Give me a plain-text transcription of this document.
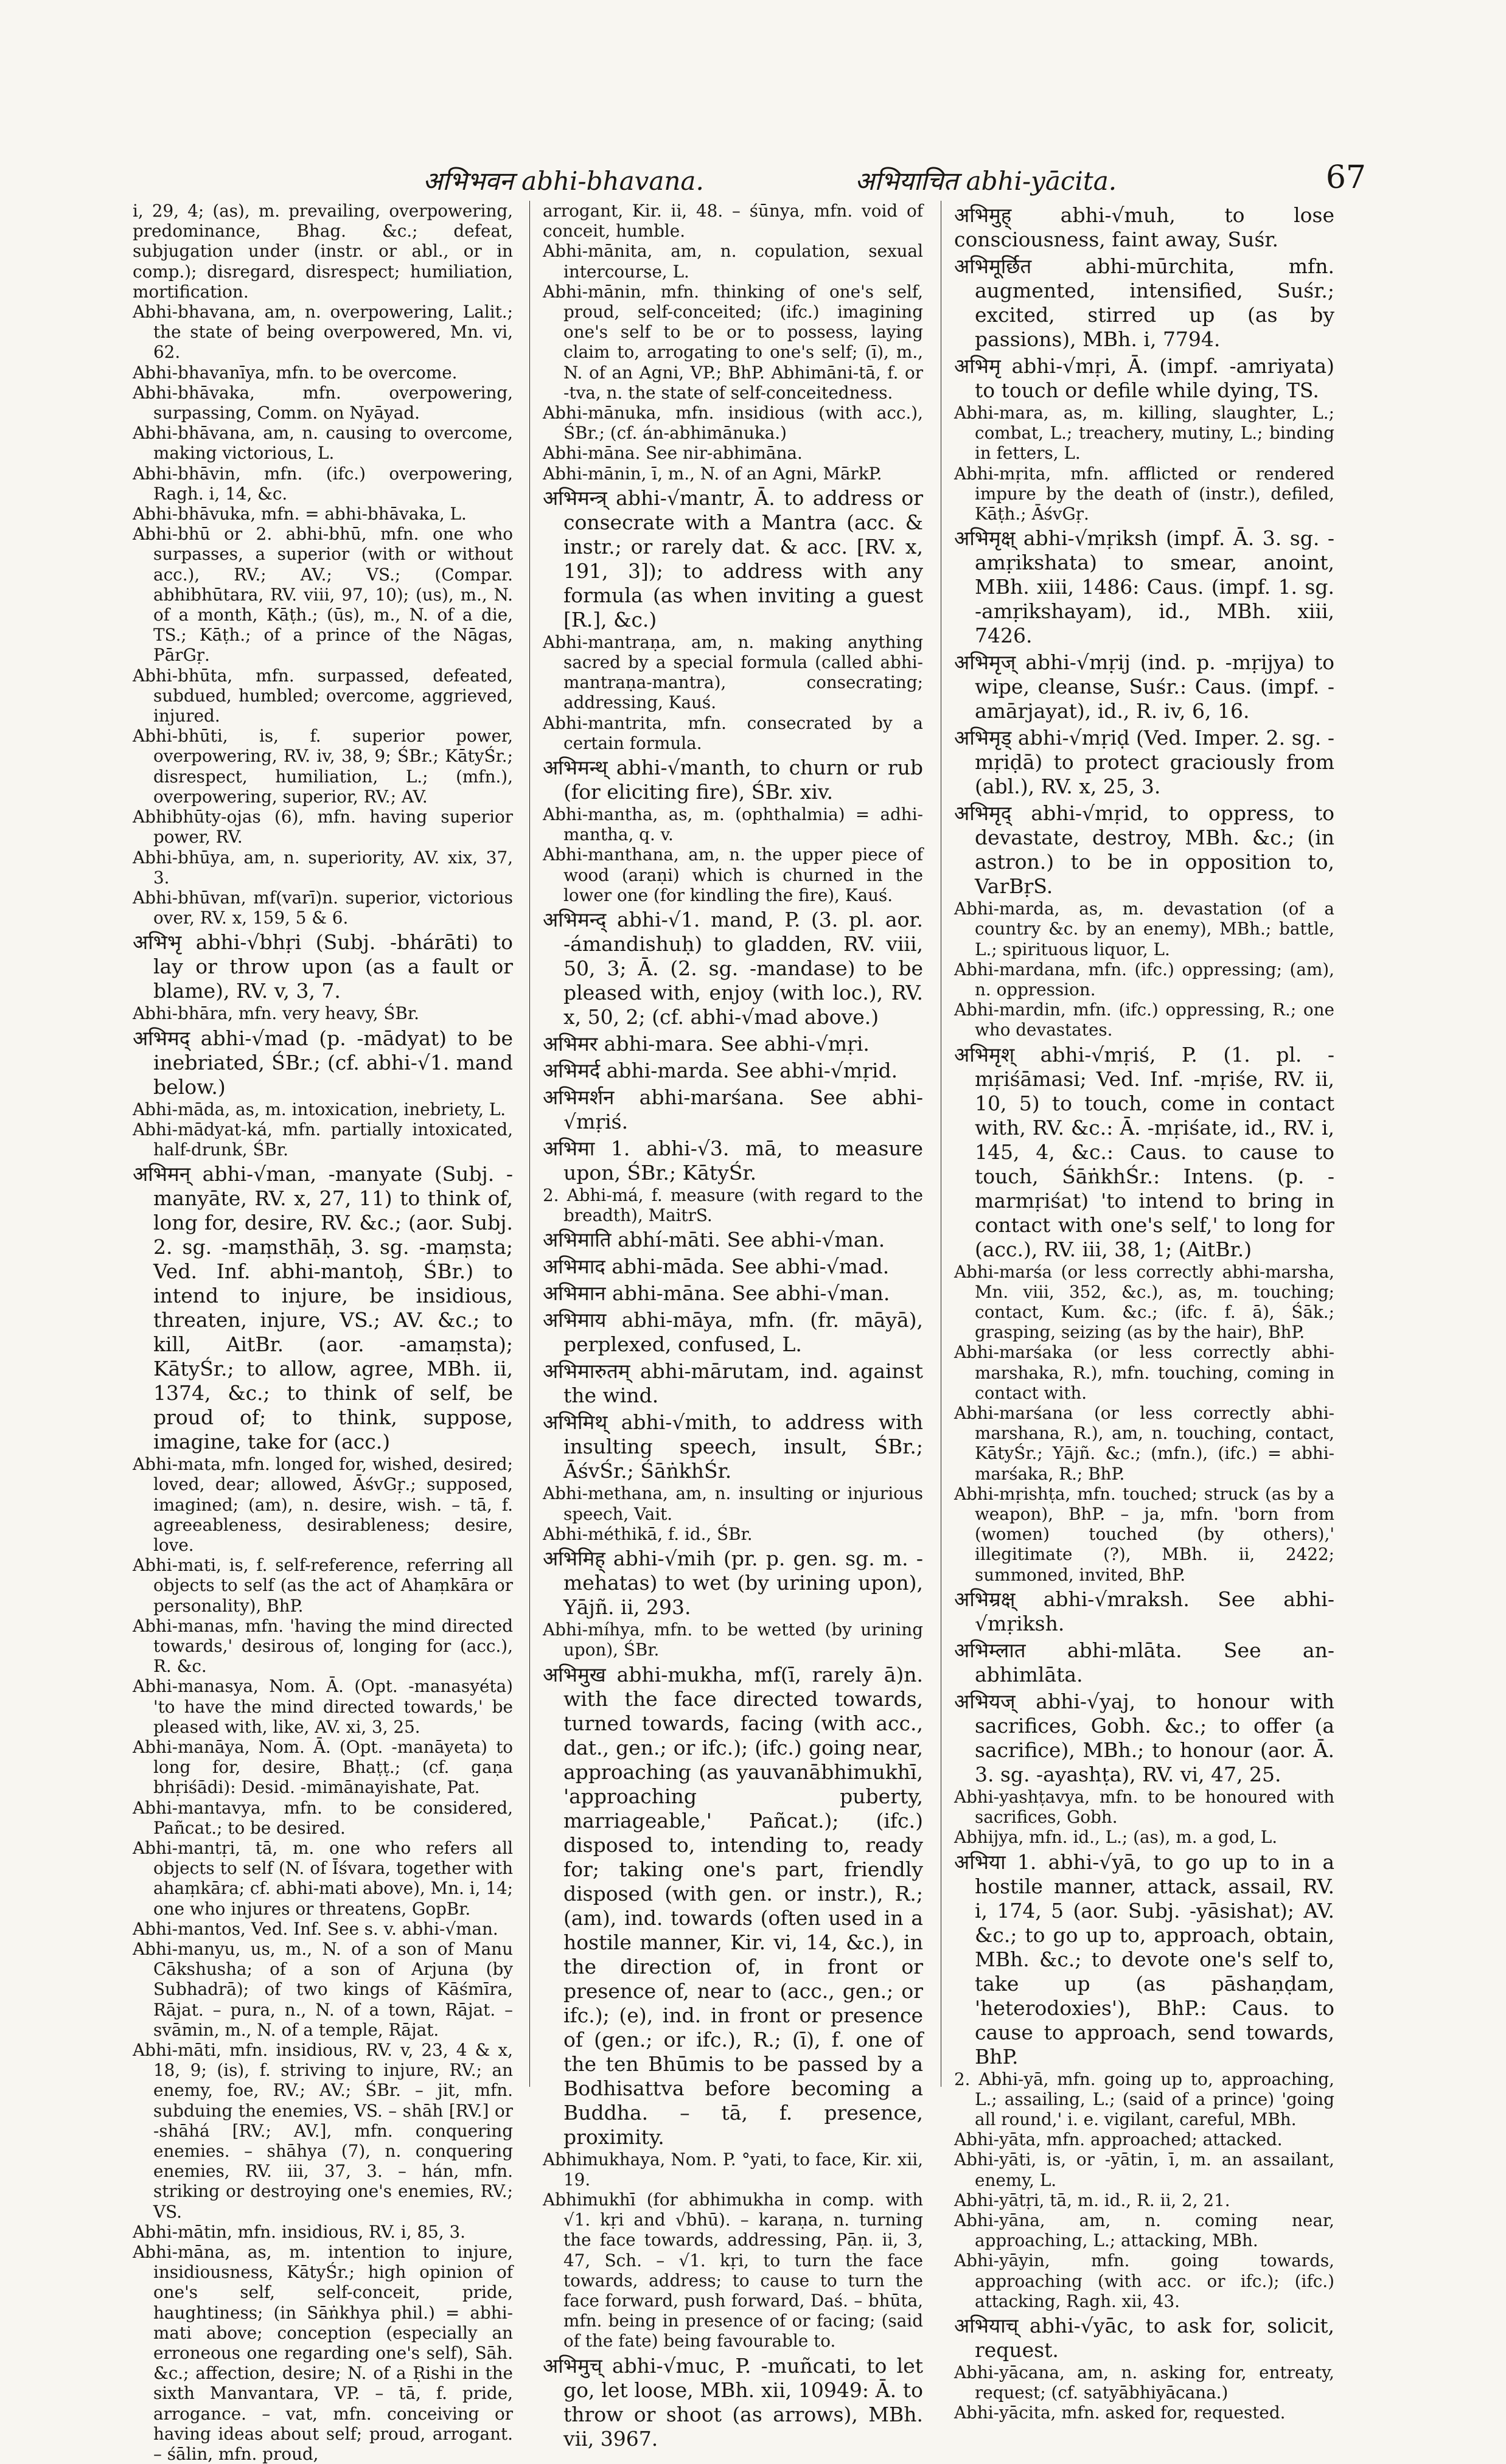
अभिभवन abhi-bhavana.	अभियाचित abhi-yācita.	67

i, 29, 4; (as), m. prevailing, overpowering, predominance, Bhag. &c.; defeat, subjugation under (instr. or abl., or in comp.); disregard, disrespect; humiliation, mortification.

Abhi-bhavana, am, n. overpowering, Lalit.; the state of being overpowered, Mn. vi, 62.

Abhi-bhavanīya, mfn. to be overcome.

Abhi-bhāvaka, mfn. overpowering, surpassing, Comm. on Nyāyad.

Abhi-bhāvana, am, n. causing to overcome, making victorious, L.

Abhi-bhāvin, mfn. (ifc.) overpowering, Ragh. i, 14, &c.

Abhi-bhāvuka, mfn. = abhi-bhāvaka, L.

Abhi-bhū or 2. abhi-bhū, mfn. one who surpasses, a superior (with or without acc.), RV.; AV.; VS.; (Compar. abhibhūtara, RV. viii, 97, 10); (us), m., N. of a month, Kāṭh.; (ūs), m., N. of a die, TS.; Kāṭh.; of a prince of the Nāgas, PārGṛ.

Abhi-bhūta, mfn. surpassed, defeated, subdued, humbled; overcome, aggrieved, injured.

Abhi-bhūti, is, f. superior power, overpowering, RV. iv, 38, 9; ŚBr.; KātyŚr.; disrespect, humiliation, L.; (mfn.), overpowering, superior, RV.; AV.

Abhibhūty-ojas (6), mfn. having superior power, RV.

Abhi-bhūya, am, n. superiority, AV. xix, 37, 3.

Abhi-bhūvan, mf(varī)n. superior, victorious over, RV. x, 159, 5 & 6.

अभिभृ abhi-√bhṛi (Subj. -bhárāti) to lay or throw upon (as a fault or blame), RV. v, 3, 7.

Abhi-bhāra, mfn. very heavy, ŚBr.

अभिमद् abhi-√mad (p. -mādyat) to be inebriated, ŚBr.; (cf. abhi-√1. mand below.)

Abhi-māda, as, m. intoxication, inebriety, L.

Abhi-mādyat-ká, mfn. partially intoxicated, half-drunk, ŚBr.

अभिमन् abhi-√man, -manyate (Subj. -manyāte, RV. x, 27, 11) to think of, long for, desire, RV. &c.; (aor. Subj. 2. sg. -maṃsthāḥ, 3. sg. -maṃsta; Ved. Inf. abhi-mantoḥ, ŚBr.) to intend to injure, be insidious, threaten, injure, VS.; AV. &c.; to kill, AitBr. (aor. -amaṃsta); KātyŚr.; to allow, agree, MBh. ii, 1374, &c.; to think of self, be proud of; to think, suppose, imagine, take for (acc.)

Abhi-mata, mfn. longed for, wished, desired; loved, dear; allowed, ĀśvGṛ.; supposed, imagined; (am), n. desire, wish. – tā, f. agreeableness, desirableness; desire, love.

Abhi-mati, is, f. self-reference, referring all objects to self (as the act of Ahaṃkāra or personality), BhP.

Abhi-manas, mfn. 'having the mind directed towards,' desirous of, longing for (acc.), R. &c.

Abhi-manasya, Nom. Ā. (Opt. -manasyéta) 'to have the mind directed towards,' be pleased with, like, AV. xi, 3, 25.

Abhi-manāya, Nom. Ā. (Opt. -manāyeta) to long for, desire, Bhaṭṭ.; (cf. gaṇa bhṛiśādi): Desid. -mimānayishate, Pat.

Abhi-mantavya, mfn. to be considered, Pañcat.; to be desired.

Abhi-mantṛi, tā, m. one who refers all objects to self (N. of Īśvara, together with ahaṃkāra; cf. abhi-mati above), Mn. i, 14; one who injures or threatens, GopBr.

Abhi-mantos, Ved. Inf. See s. v. abhi-√man.

Abhi-manyu, us, m., N. of a son of Manu Cākshusha; of a son of Arjuna (by Subhadrā); of two kings of Kāśmīra, Rājat. – pura, n., N. of a town, Rājat. – svāmin, m., N. of a temple, Rājat.

Abhi-māti, mfn. insidious, RV. v, 23, 4 & x, 18, 9; (is), f. striving to injure, RV.; an enemy, foe, RV.; AV.; ŚBr. – jit, mfn. subduing the enemies, VS. – shāh [RV.] or -shāhá [RV.; AV.], mfn. conquering enemies. – shāhya (7), n. conquering enemies, RV. iii, 37, 3. – hán, mfn. striking or destroying one's enemies, RV.; VS.

Abhi-mātin, mfn. insidious, RV. i, 85, 3.

Abhi-māna, as, m. intention to injure, insidiousness, KātyŚr.; high opinion of one's self, self-conceit, pride, haughtiness; (in Sāṅkhya phil.) = abhi-mati above; conception (especially an erroneous one regarding one's self), Sāh. &c.; affection, desire; N. of a Ṛishi in the sixth Manvantara, VP. – tā, f. pride, arrogance. – vat, mfn. conceiving or having ideas about self; proud, arrogant. – śālin, mfn. proud,

arrogant, Kir. ii, 48. – śūnya, mfn. void of conceit, humble.

Abhi-mānita, am, n. copulation, sexual intercourse, L.

Abhi-mānin, mfn. thinking of one's self, proud, self-conceited; (ifc.) imagining one's self to be or to possess, laying claim to, arrogating to one's self; (ī), m., N. of an Agni, VP.; BhP. Abhimāni-tā, f. or -tva, n. the state of self-conceitedness.

Abhi-mānuka, mfn. insidious (with acc.), ŚBr.; (cf. án-abhimānuka.)

Abhi-māna. See nir-abhimāna.

Abhi-mānin, ī, m., N. of an Agni, MārkP.

अभिमन्त्र् abhi-√mantr, Ā. to address or consecrate with a Mantra (acc. & instr.; or rarely dat. & acc. [RV. x, 191, 3]); to address with any formula (as when inviting a guest [R.], &c.)

Abhi-mantraṇa, am, n. making anything sacred by a special formula (called abhi-mantraṇa-mantra), consecrating; addressing, Kauś.

Abhi-mantrita, mfn. consecrated by a certain formula.

अभिमन्थ् abhi-√manth, to churn or rub (for eliciting fire), ŚBr. xiv.

Abhi-mantha, as, m. (ophthalmia) = adhi-mantha, q. v.

Abhi-manthana, am, n. the upper piece of wood (araṇi) which is churned in the lower one (for kindling the fire), Kauś.

अभिमन्द् abhi-√1. mand, P. (3. pl. aor. -ámandishuḥ) to gladden, RV. viii, 50, 3; Ā. (2. sg. -mandase) to be pleased with, enjoy (with loc.), RV. x, 50, 2; (cf. abhi-√mad above.)

अभिमर abhi-mara. See abhi-√mṛi.

अभिमर्द abhi-marda. See abhi-√mṛid.

अभिमर्शन abhi-marśana. See abhi-√mṛiś.

अभिमा 1. abhi-√3. mā, to measure upon, ŚBr.; KātyŚr.

2. Abhi-má, f. measure (with regard to the breadth), MaitrS.

अभिमाति abhí-māti. See abhi-√man.

अभिमाद abhi-māda. See abhi-√mad.

अभिमान abhi-māna. See abhi-√man.

अभिमाय abhi-māya, mfn. (fr. māyā), perplexed, confused, L.

अभिमारुतम् abhi-mārutam, ind. against the wind.

अभिमिथ् abhi-√mith, to address with insulting speech, insult, ŚBr.; ĀśvŚr.; ŚāṅkhŚr.

Abhi-methana, am, n. insulting or injurious speech, Vait.

Abhi-méthikā, f. id., ŚBr.

अभिमिह् abhi-√mih (pr. p. gen. sg. m. -mehatas) to wet (by urining upon), Yājñ. ii, 293.

Abhi-míhya, mfn. to be wetted (by urining upon), ŚBr.

अभिमुख abhi-mukha, mf(ī, rarely ā)n. with the face directed towards, turned towards, facing (with acc., dat., gen.; or ifc.); (ifc.) going near, approaching (as yauvanābhimukhī, 'approaching puberty, marriageable,' Pañcat.); (ifc.) disposed to, intending to, ready for; taking one's part, friendly disposed (with gen. or instr.), R.; (am), ind. towards (often used in a hostile manner, Kir. vi, 14, &c.), in the direction of, in front or presence of, near to (acc., gen.; or ifc.); (e), ind. in front or presence of (gen.; or ifc.), R.; (ī), f. one of the ten Bhūmis to be passed by a Bodhisattva before becoming a Buddha. – tā, f. presence, proximity.

Abhimukhaya, Nom. P. °yati, to face, Kir. xii, 19.

Abhimukhī (for abhimukha in comp. with √1. kṛi and √bhū). – karaṇa, n. turning the face towards, addressing, Pāṇ. ii, 3, 47, Sch. – √1. kṛi, to turn the face towards, address; to cause to turn the face forward, push forward, Daś. – bhūta, mfn. being in presence of or facing; (said of the fate) being favourable to.

अभिमुच् abhi-√muc, P. -muñcati, to let go, let loose, MBh. xii, 10949: Ā. to throw or shoot (as arrows), MBh. vii, 3967.

अभिमुह् abhi-√muh, to lose consciousness, faint away, Suśr.

अभिमूर्छित abhi-mūrchita, mfn. augmented, intensified, Suśr.; excited, stirred up (as by passions), MBh. i, 7794.

अभिमृ abhi-√mṛi, Ā. (impf. -amriyata) to touch or defile while dying, TS.

Abhi-mara, as, m. killing, slaughter, L.; combat, L.; treachery, mutiny, L.; binding in fetters, L.

Abhi-mṛita, mfn. afflicted or rendered impure by the death of (instr.), defiled, Kāṭh.; ĀśvGṛ.

अभिमृक्ष् abhi-√mṛiksh (impf. Ā. 3. sg. -amṛikshata) to smear, anoint, MBh. xiii, 1486: Caus. (impf. 1. sg. -amṛikshayam), id., MBh. xiii, 7426.

अभिमृज् abhi-√mṛij (ind. p. -mṛijya) to wipe, cleanse, Suśr.: Caus. (impf. -amārjayat), id., R. iv, 6, 16.

अभिमृड् abhi-√mṛiḍ (Ved. Imper. 2. sg. -mṛiḍā) to protect graciously from (abl.), RV. x, 25, 3.

अभिमृद् abhi-√mṛid, to oppress, to devastate, destroy, MBh. &c.; (in astron.) to be in opposition to, VarBṛS.

Abhi-marda, as, m. devastation (of a country &c. by an enemy), MBh.; battle, L.; spirituous liquor, L.

Abhi-mardana, mfn. (ifc.) oppressing; (am), n. oppression.

Abhi-mardin, mfn. (ifc.) oppressing, R.; one who devastates.

अभिमृश् abhi-√mṛiś, P. (1. pl. -mṛiśāmasi; Ved. Inf. -mṛiśe, RV. ii, 10, 5) to touch, come in contact with, RV. &c.: Ā. -mṛiśate, id., RV. i, 145, 4, &c.: Caus. to cause to touch, ŚāṅkhŚr.: Intens. (p. -marmṛiśat) 'to intend to bring in contact with one's self,' to long for (acc.), RV. iii, 38, 1; (AitBr.)

Abhi-marśa (or less correctly abhi-marsha, Mn. viii, 352, &c.), as, m. touching; contact, Kum. &c.; (ifc. f. ā), Śāk.; grasping, seizing (as by the hair), BhP.

Abhi-marśaka (or less correctly abhi-marshaka, R.), mfn. touching, coming in contact with.

Abhi-marśana (or less correctly abhi-marshana, R.), am, n. touching, contact, KātyŚr.; Yājñ. &c.; (mfn.), (ifc.) = abhi-marśaka, R.; BhP.

Abhi-mṛishṭa, mfn. touched; struck (as by a weapon), BhP. – ja, mfn. 'born from (women) touched (by others),' illegitimate (?), MBh. ii, 2422; summoned, invited, BhP.

अभिम्रक्ष् abhi-√mraksh. See abhi-√mṛiksh.

अभिम्लात abhi-mlāta. See an-abhimlāta.

अभियज् abhi-√yaj, to honour with sacrifices, Gobh. &c.; to offer (a sacrifice), MBh.; to honour (aor. Ā. 3. sg. -ayashṭa), RV. vi, 47, 25.

Abhi-yashṭavya, mfn. to be honoured with sacrifices, Gobh.

Abhijya, mfn. id., L.; (as), m. a god, L.

अभिया 1. abhi-√yā, to go up to in a hostile manner, attack, assail, RV. i, 174, 5 (aor. Subj. -yāsishat); AV. &c.; to go up to, approach, obtain, MBh. &c.; to devote one's self to, take up (as pāshaṇḍam, 'heterodoxies'), BhP.: Caus. to cause to approach, send towards, BhP.

2. Abhi-yā, mfn. going up to, approaching, L.; assailing, L.; (said of a prince) 'going all round,' i. e. vigilant, careful, MBh.

Abhi-yāta, mfn. approached; attacked.

Abhi-yāti, is, or -yātin, ī, m. an assailant, enemy, L.

Abhi-yātṛi, tā, m. id., R. ii, 2, 21.

Abhi-yāna, am, n. coming near, approaching, L.; attacking, MBh.

Abhi-yāyin, mfn. going towards, approaching (with acc. or ifc.); (ifc.) attacking, Ragh. xii, 43.

अभियाच् abhi-√yāc, to ask for, solicit, request.

Abhi-yācana, am, n. asking for, entreaty, request; (cf. satyābhiyācana.)

Abhi-yācita, mfn. asked for, requested.
